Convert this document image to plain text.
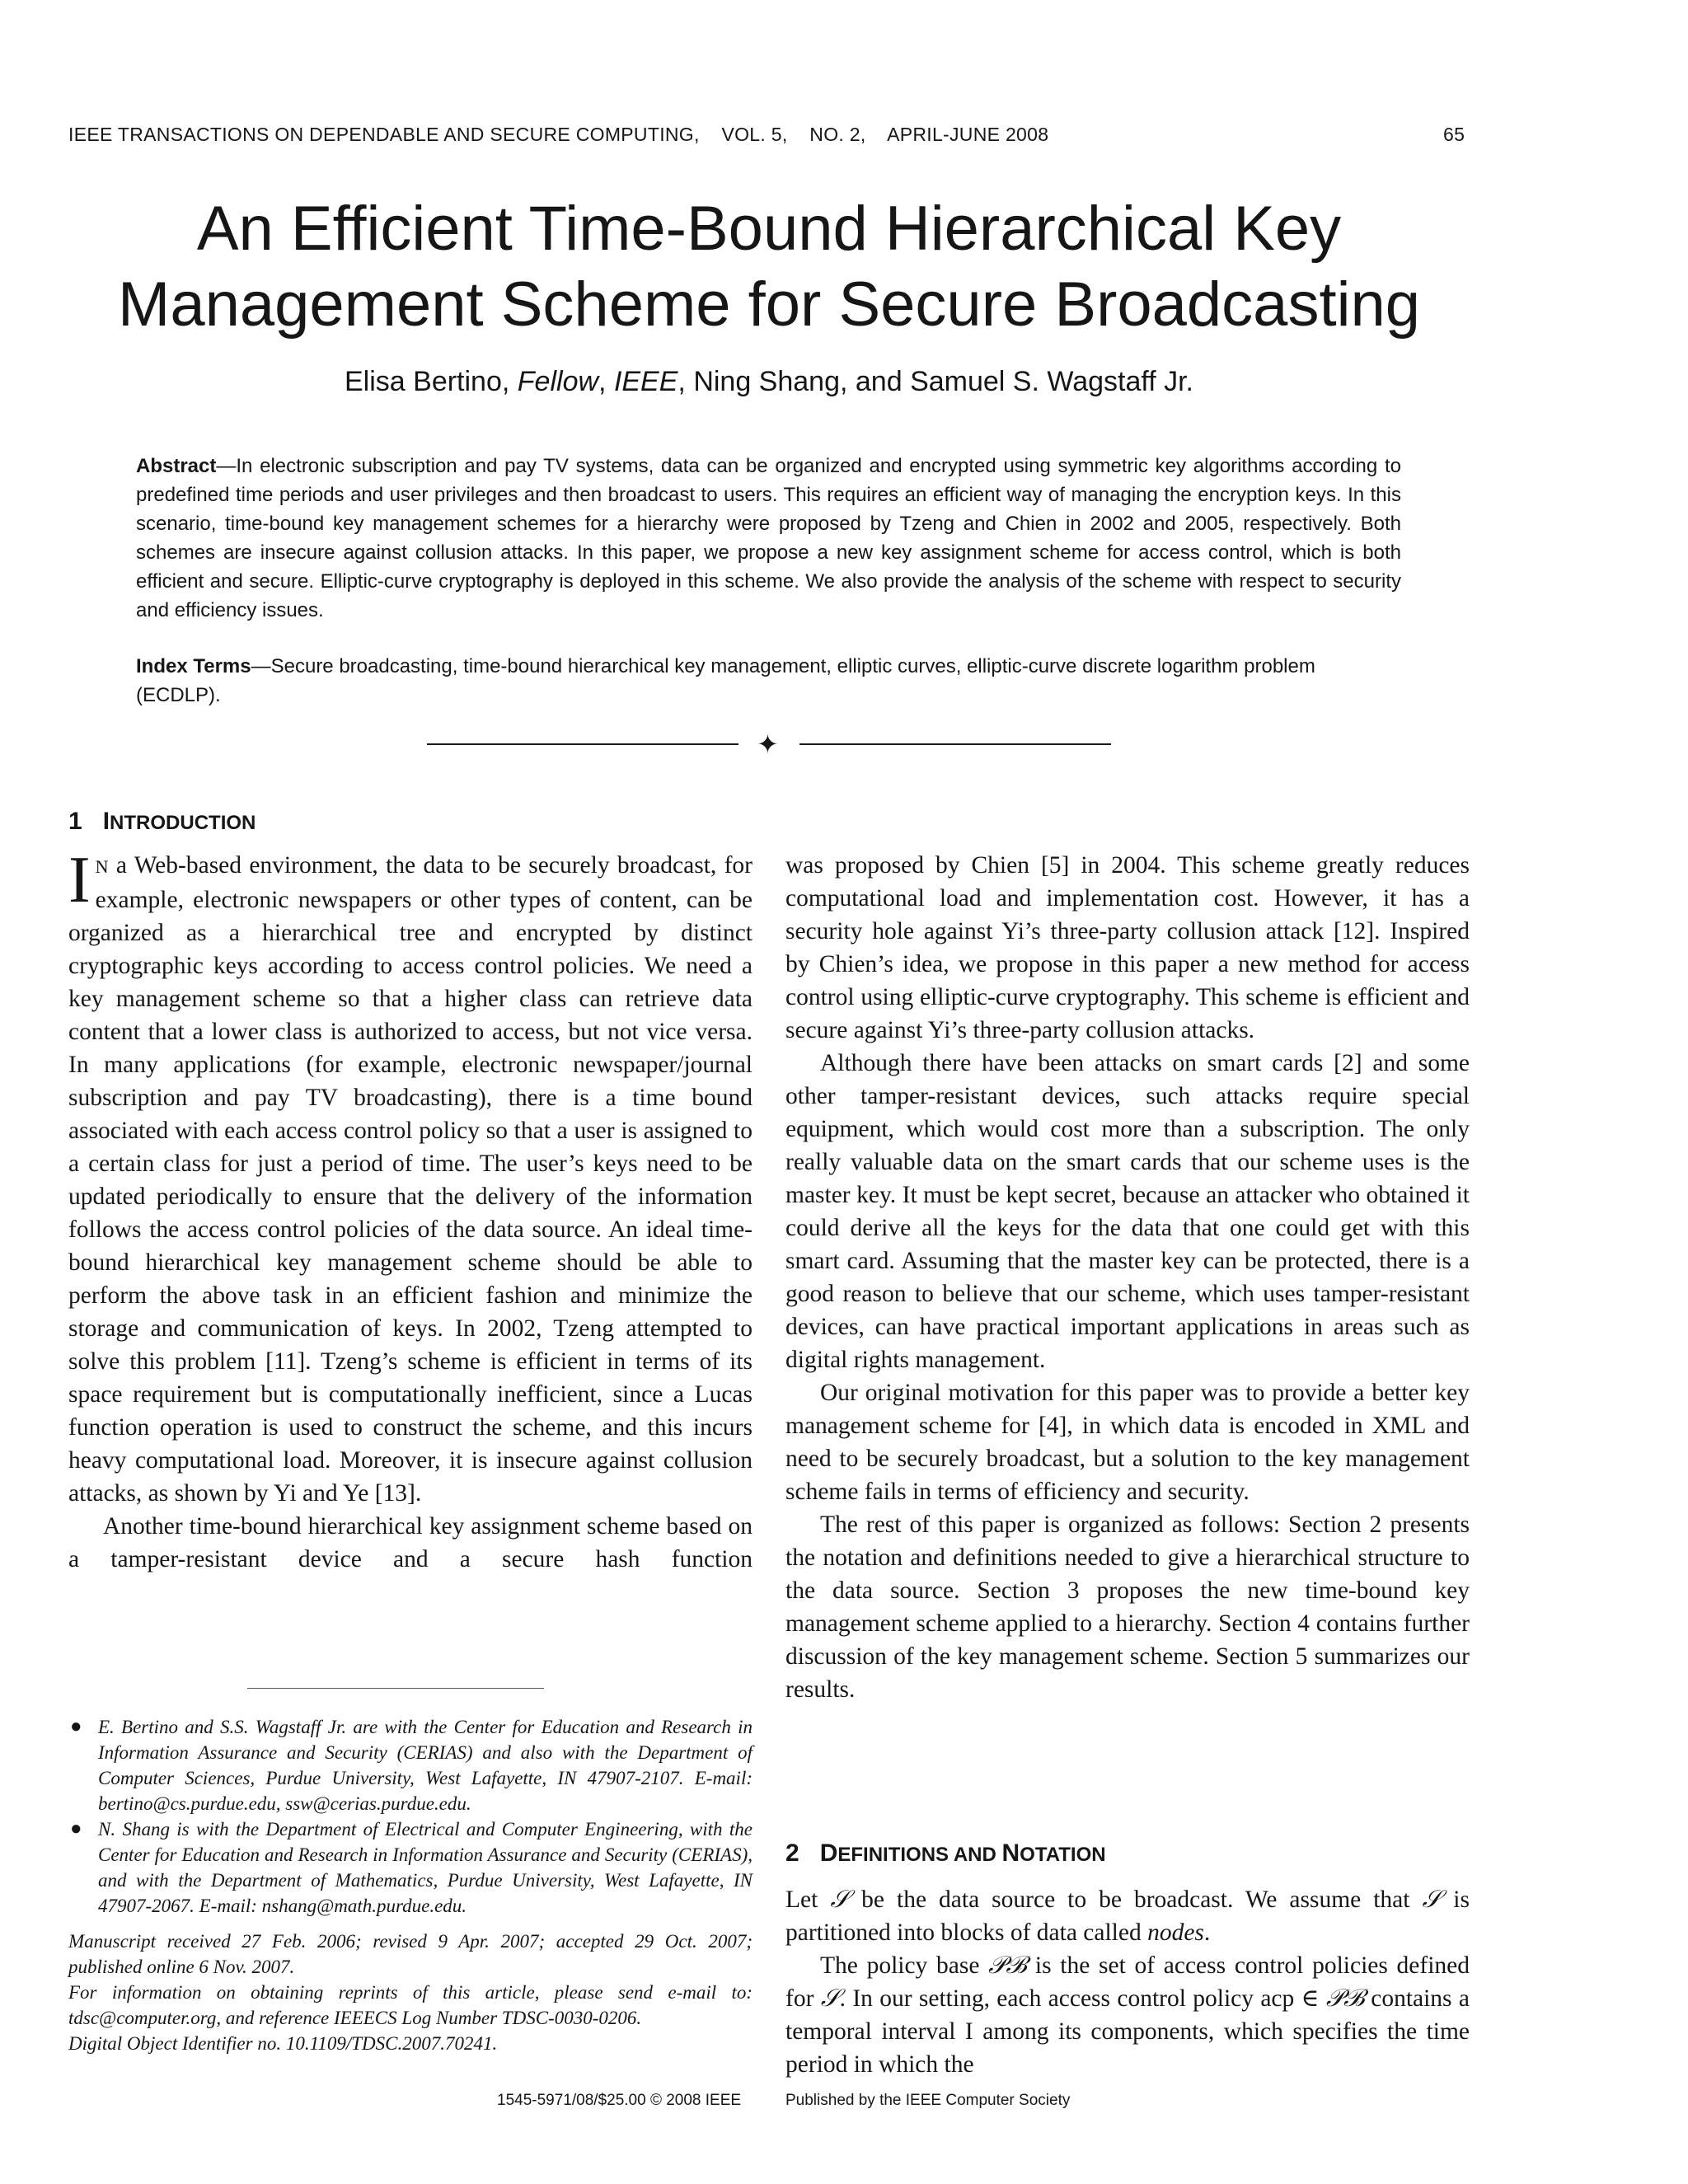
IEEE TRANSACTIONS ON DEPENDABLE AND SECURE COMPUTING, VOL. 5, NO. 2, APRIL-JUNE 2008	65
An Efficient Time-Bound Hierarchical Key
Management Scheme for Secure Broadcasting
Elisa Bertino, Fellow, IEEE, Ning Shang, and Samuel S. Wagstaff Jr.
Abstract—In electronic subscription and pay TV systems, data can be organized and encrypted using symmetric key algorithms according to predefined time periods and user privileges and then broadcast to users. This requires an efficient way of managing the encryption keys. In this scenario, time-bound key management schemes for a hierarchy were proposed by Tzeng and Chien in 2002 and 2005, respectively. Both schemes are insecure against collusion attacks. In this paper, we propose a new key assignment scheme for access control, which is both efficient and secure. Elliptic-curve cryptography is deployed in this scheme. We also provide the analysis of the scheme with respect to security and efficiency issues.
Index Terms—Secure broadcasting, time-bound hierarchical key management, elliptic curves, elliptic-curve discrete logarithm problem (ECDLP).
✦
1 INTRODUCTION

I N a Web-based environment, the data to be securely broadcast, for example, electronic newspapers or other types of content, can be organized as a hierarchical tree and encrypted by distinct cryptographic keys according to access control policies. We need a key management scheme so that a higher class can retrieve data content that a lower class is authorized to access, but not vice versa. In many applications (for example, electronic newspaper/journal subscription and pay TV broadcasting), there is a time bound associated with each access control policy so that a user is assigned to a certain class for just a period of time. The user’s keys need to be updated periodically to ensure that the delivery of the information follows the access control policies of the data source. An ideal time-bound hierarchical key management scheme should be able to perform the above task in an efficient fashion and minimize the storage and communication of keys. In 2002, Tzeng attempted to solve this problem [11]. Tzeng’s scheme is efficient in terms of its space requirement but is computationally inefficient, since a Lucas function operation is used to construct the scheme, and this incurs heavy computational load. Moreover, it is insecure against collusion attacks, as shown by Yi and Ye [13].

Another time-bound hierarchical key assignment scheme based on a tamper-resistant device and a secure hash function

● E. Bertino and S.S. Wagstaff Jr. are with the Center for Education and Research in Information Assurance and Security (CERIAS) and also with the Department of Computer Sciences, Purdue University, West Lafayette, IN 47907-2107. E-mail: bertino@cs.purdue.edu, ssw@cerias.purdue.edu.
● N. Shang is with the Department of Electrical and Computer Engineering, with the Center for Education and Research in Information Assurance and Security (CERIAS), and with the Department of Mathematics, Purdue University, West Lafayette, IN 47907-2067. E-mail: nshang@math.purdue.edu.

Manuscript received 27 Feb. 2006; revised 9 Apr. 2007; accepted 29 Oct. 2007; published online 6 Nov. 2007.

For information on obtaining reprints of this article, please send e-mail to: tdsc@computer.org, and reference IEEECS Log Number TDSC-0030-0206.

Digital Object Identifier no. 10.1109/TDSC.2007.70241.

was proposed by Chien [5] in 2004. This scheme greatly reduces computational load and implementation cost. However, it has a security hole against Yi’s three-party collusion attack [12]. Inspired by Chien’s idea, we propose in this paper a new method for access control using elliptic-curve cryptography. This scheme is efficient and secure against Yi’s three-party collusion attacks.

Although there have been attacks on smart cards [2] and some other tamper-resistant devices, such attacks require special equipment, which would cost more than a subscription. The only really valuable data on the smart cards that our scheme uses is the master key. It must be kept secret, because an attacker who obtained it could derive all the keys for the data that one could get with this smart card. Assuming that the master key can be protected, there is a good reason to believe that our scheme, which uses tamper-resistant devices, can have practical important applications in areas such as digital rights management.

Our original motivation for this paper was to provide a better key management scheme for [4], in which data is encoded in XML and need to be securely broadcast, but a solution to the key management scheme fails in terms of efficiency and security.

The rest of this paper is organized as follows: Section 2 presents the notation and definitions needed to give a hierarchical structure to the data source. Section 3 proposes the new time-bound key management scheme applied to a hierarchy. Section 4 contains further discussion of the key management scheme. Section 5 summarizes our results.

2 DEFINITIONS AND NOTATION

Let 𝒮 be the data source to be broadcast. We assume that 𝒮 is partitioned into blocks of data called nodes.

The policy base 𝒫ℬ is the set of access control policies defined for 𝒮. In our setting, each access control policy acp ∈ 𝒫ℬ contains a temporal interval I among its components, which specifies the time period in which the

1545-5971/08/$25.00 © 2008 IEEE	Published by the IEEE Computer Society
